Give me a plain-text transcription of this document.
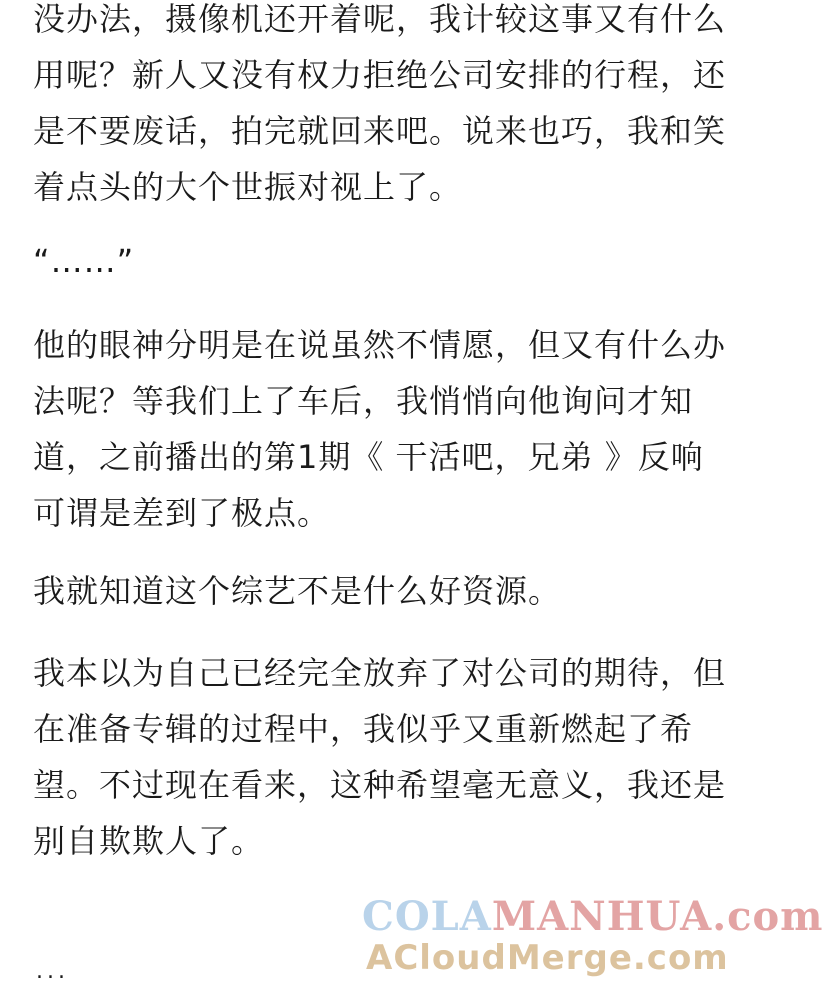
没办法，摄像机还开着呢，我计较这事又有什么用呢？新人又没有权力拒绝公司安排的行程，还是不要废话，拍完就回来吧。说来也巧，我和笑着点头的大个世振对视上了。

“……”

他的眼神分明是在说虽然不情愿，但又有什么办法呢？等我们上了车后，我悄悄向他询问才知道，之前播出的第1期《 干活吧，兄弟 》反响可谓是差到了极点。

我就知道这个综艺不是什么好资源。

我本以为自己已经完全放弃了对公司的期待，但在准备专辑的过程中，我似乎又重新燃起了希望。不过现在看来，这种希望毫无意义，我还是别自欺欺人了。

COLAMANHUA.com
ACloudMerge.com
...
